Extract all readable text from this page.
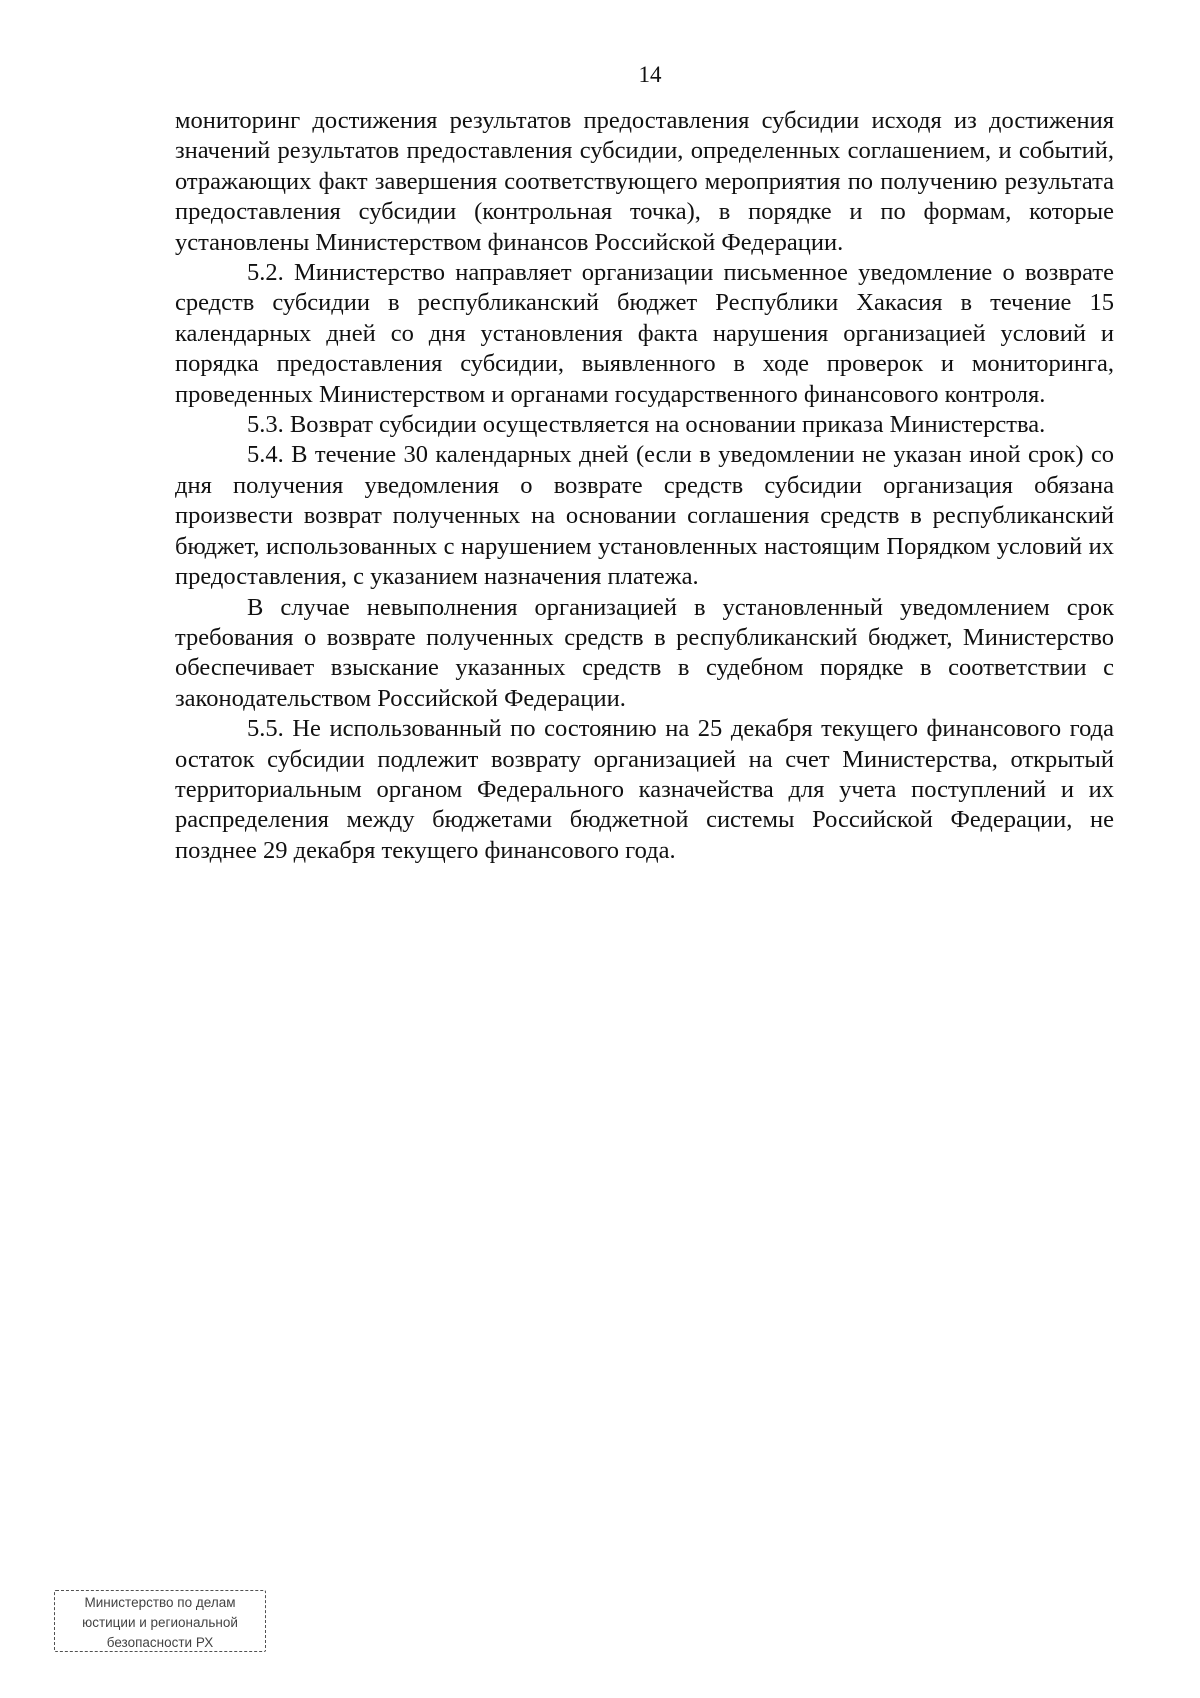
14

мониторинг достижения результатов предоставления субсидии исходя из достижения значений результатов предоставления субсидии, определенных соглашением, и событий, отражающих факт завершения соответствующего мероприятия по получению результата предоставления субсидии (контрольная точка), в порядке и по формам, которые установлены Министерством финансов Российской Федерации.

5.2. Министерство направляет организации письменное уведомление о возврате средств субсидии в республиканский бюджет Республики Хакасия в течение 15 календарных дней со дня установления факта нарушения организацией условий и порядка предоставления субсидии, выявленного в ходе проверок и мониторинга, проведенных Министерством и органами государственного финансового контроля.

5.3. Возврат субсидии осуществляется на основании приказа Министерства.

5.4. В течение 30 календарных дней (если в уведомлении не указан иной срок) со дня получения уведомления о возврате средств субсидии организация обязана произвести возврат полученных на основании соглашения средств в республиканский бюджет, использованных с нарушением установленных настоящим Порядком условий их предоставления, с указанием назначения платежа.

В случае невыполнения организацией в установленный уведомлением срок требования о возврате полученных средств в республиканский бюджет, Министерство обеспечивает взыскание указанных средств в судебном порядке в соответствии с законодательством Российской Федерации.

5.5. Не использованный по состоянию на 25 декабря текущего финансового года остаток субсидии подлежит возврату организацией на счет Министерства, открытый территориальным органом Федерального казначейства для учета поступлений и их распределения между бюджетами бюджетной системы Российской Федерации, не позднее 29 декабря текущего финансового года.

Министерство по делам
юстиции и региональной
безопасности РХ
